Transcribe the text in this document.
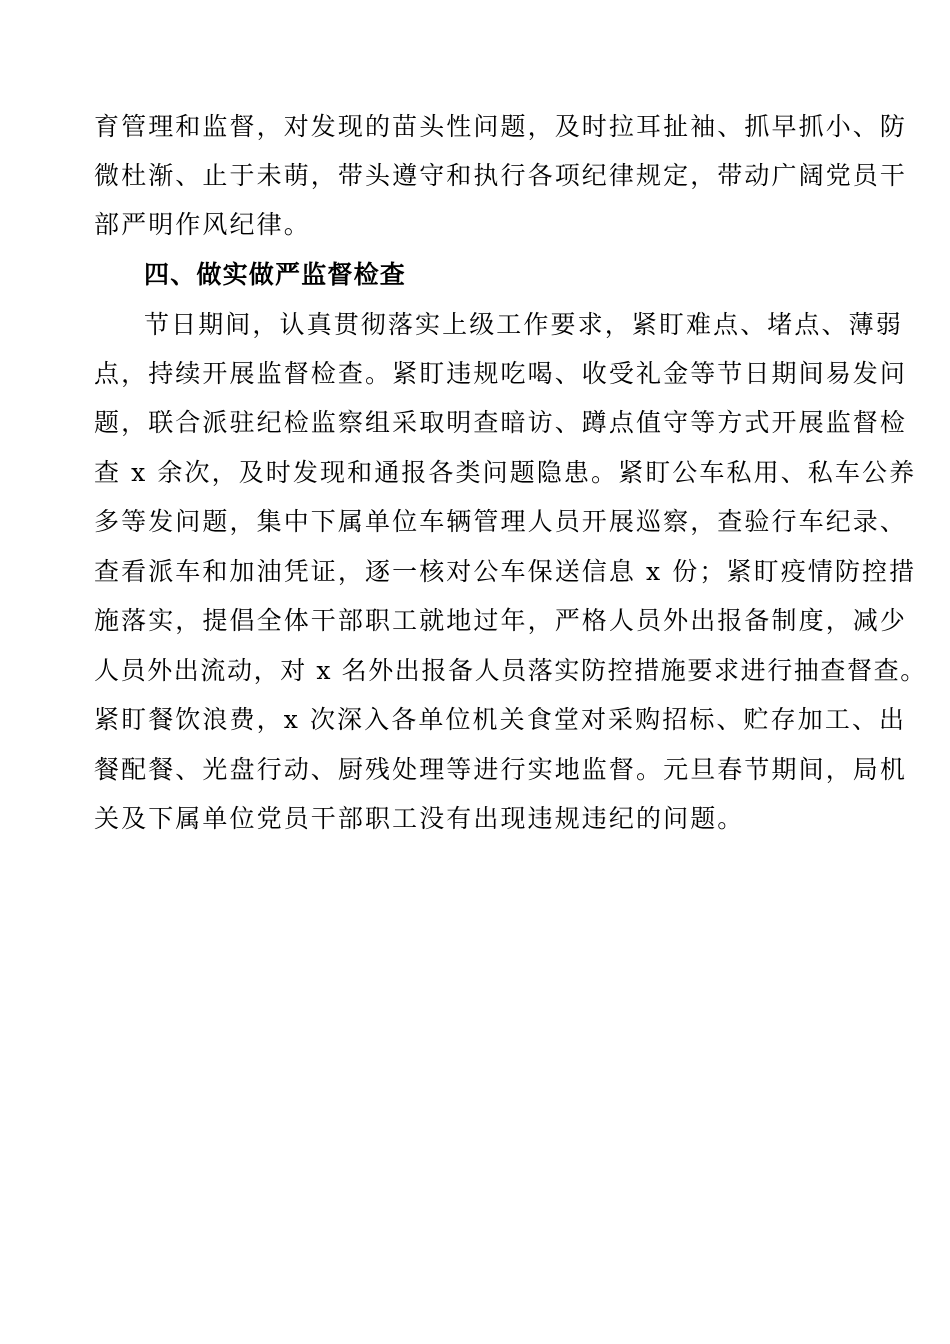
育管理和监督，对发现的苗头性问题，及时拉耳扯袖、抓早抓小、防
微杜渐、止于未萌，带头遵守和执行各项纪律规定，带动广阔党员干
部严明作风纪律。
四、做实做严监督检查
节日期间，认真贯彻落实上级工作要求，紧盯难点、堵点、薄弱
点，持续开展监督检查。紧盯违规吃喝、收受礼金等节日期间易发问
题，联合派驻纪检监察组采取明查暗访、蹲点值守等方式开展监督检
查 x 余次，及时发现和通报各类问题隐患。紧盯公车私用、私车公养
多等发问题，集中下属单位车辆管理人员开展巡察，查验行车纪录、
查看派车和加油凭证，逐一核对公车保送信息 x 份；紧盯疫情防控措
施落实，提倡全体干部职工就地过年，严格人员外出报备制度，减少
人员外出流动，对 x 名外出报备人员落实防控措施要求进行抽查督查。
紧盯餐饮浪费，x 次深入各单位机关食堂对采购招标、贮存加工、出
餐配餐、光盘行动、厨残处理等进行实地监督。元旦春节期间，局机
关及下属单位党员干部职工没有出现违规违纪的问题。
